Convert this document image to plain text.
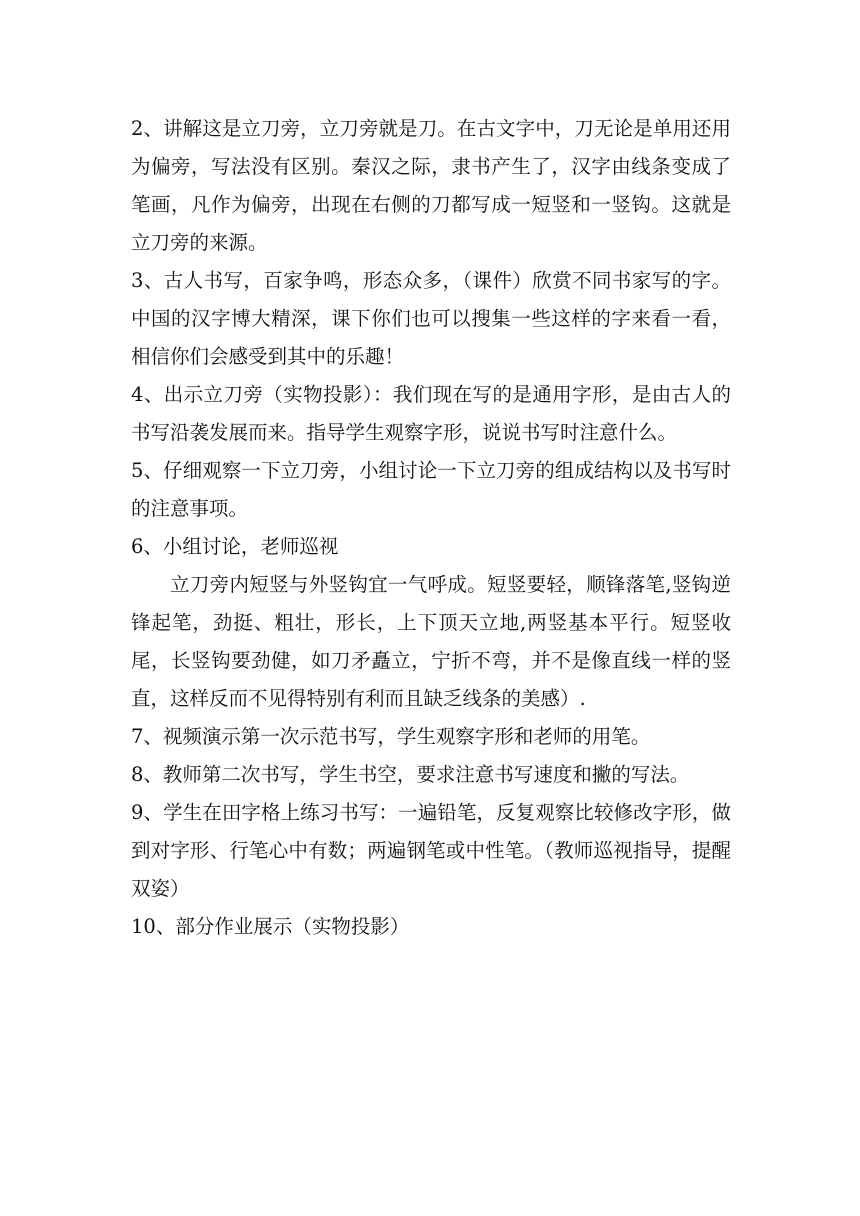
2、讲解这是立刀旁，立刀旁就是刀。在古文字中，刀无论是单用还用为偏旁，写法没有区别。秦汉之际，隶书产生了，汉字由线条变成了笔画，凡作为偏旁，出现在右侧的刀都写成一短竖和一竖钩。这就是立刀旁的来源。

3、古人书写，百家争鸣，形态众多，（课件）欣赏不同书家写的字。中国的汉字博大精深，课下你们也可以搜集一些这样的字来看一看，相信你们会感受到其中的乐趣！

4、出示立刀旁（实物投影）：我们现在写的是通用字形，是由古人的书写沿袭发展而来。指导学生观察字形，说说书写时注意什么。

5、仔细观察一下立刀旁，小组讨论一下立刀旁的组成结构以及书写时的注意事项。

6、小组讨论，老师巡视

立刀旁内短竖与外竖钩宜一气呼成。短竖要轻，顺锋落笔,竖钩逆锋起笔，劲挺、粗壮，形长，上下顶天立地,两竖基本平行。短竖收尾，长竖钩要劲健，如刀矛矗立，宁折不弯，并不是像直线一样的竖直，这样反而不见得特别有利而且缺乏线条的美感）.

7、视频演示第一次示范书写，学生观察字形和老师的用笔。

8、教师第二次书写，学生书空，要求注意书写速度和撇的写法。

9、学生在田字格上练习书写：一遍铅笔，反复观察比较修改字形，做到对字形、行笔心中有数；两遍钢笔或中性笔。（教师巡视指导，提醒双姿）

10、部分作业展示（实物投影）
